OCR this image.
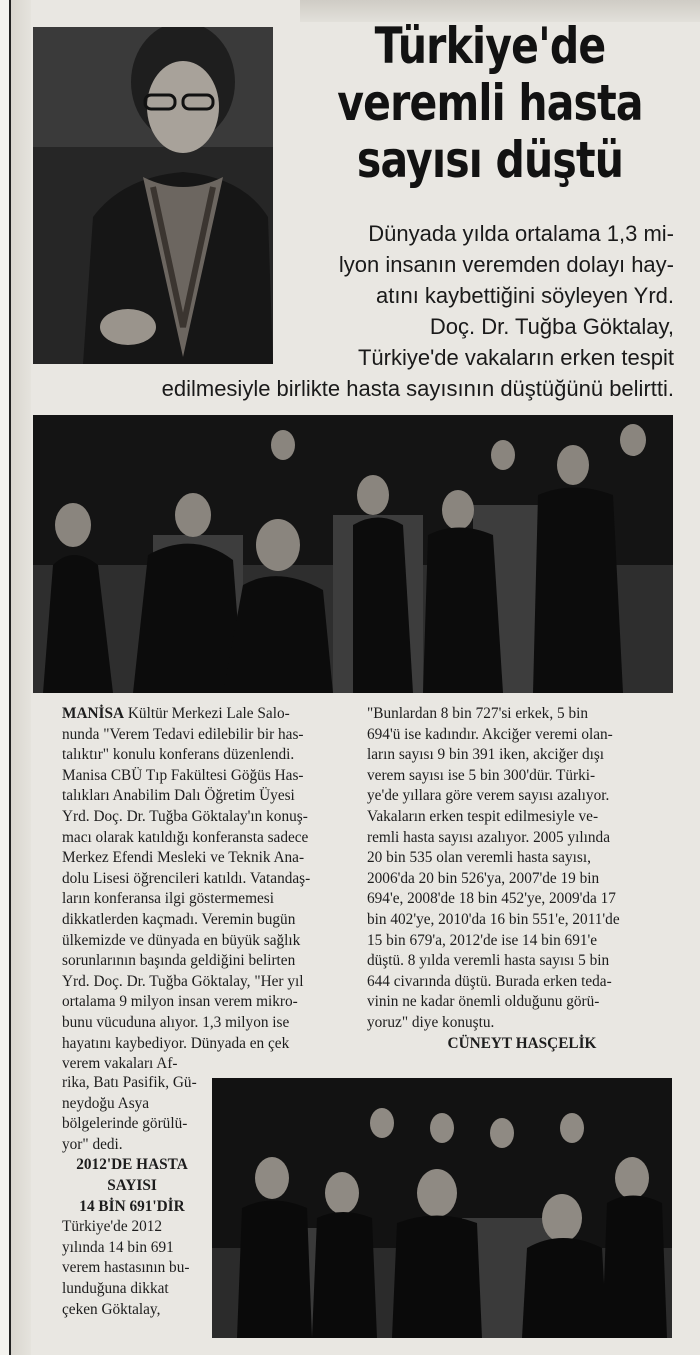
Türkiye'de
veremli hasta
sayısı düştü
Dünyada yılda ortalama 1,3 mi-
lyon insanın veremden dolayı hay-
atını kaybettiğini söyleyen Yrd.
Doç. Dr. Tuğba Göktalay,
Türkiye'de vakaların erken tespit
edilmesiyle birlikte hasta sayısının düştüğünü belirtti.
MANİSA Kültür Merkezi Lale Salo-
nunda "Verem Tedavi edilebilir bir has-
talıktır" konulu konferans düzenlendi.
Manisa CBÜ Tıp Fakültesi Göğüs Has-
talıkları Anabilim Dalı Öğretim Üyesi
Yrd. Doç. Dr. Tuğba Göktalay'ın konuş-
macı olarak katıldığı konferansta sadece
Merkez Efendi Mesleki ve Teknik Ana-
dolu Lisesi öğrencileri katıldı. Vatandaş-
ların konferansa ilgi göstermemesi
dikkatlerden kaçmadı. Veremin bugün
ülkemizde ve dünyada en büyük sağlık
sorunlarının başında geldiğini belirten
Yrd. Doç. Dr. Tuğba Göktalay, "Her yıl
ortalama 9 milyon insan verem mikro-
bunu vücuduna alıyor. 1,3 milyon ise
hayatını kaybediyor. Dünyada en çek
verem vakaları Af-
rika, Batı Pasifik, Gü-
neydoğu Asya
bölgelerinde görülü-
yor" dedi.
2012'DE HASTA
SAYISI
14 BİN 691'DİR
Türkiye'de 2012
yılında 14 bin 691
verem hastasının bu-
lunduğuna dikkat
çeken Göktalay,
"Bunlardan 8 bin 727'si erkek, 5 bin
694'ü ise kadındır. Akciğer veremi olan-
ların sayısı 9 bin 391 iken, akciğer dışı
verem sayısı ise 5 bin 300'dür. Türki-
ye'de yıllara göre verem sayısı azalıyor.
Vakaların erken tespit edilmesiyle ve-
remli hasta sayısı azalıyor. 2005 yılında
20 bin 535 olan veremli hasta sayısı,
2006'da 20 bin 526'ya, 2007'de 19 bin
694'e, 2008'de 18 bin 452'ye, 2009'da 17
bin 402'ye, 2010'da 16 bin 551'e, 2011'de
15 bin 679'a, 2012'de ise 14 bin 691'e
düştü. 8 yılda veremli hasta sayısı 5 bin
644 civarında düştü. Burada erken teda-
vinin ne kadar önemli olduğunu görü-
yoruz" diye konuştu.
CÜNEYT HASÇELİK
